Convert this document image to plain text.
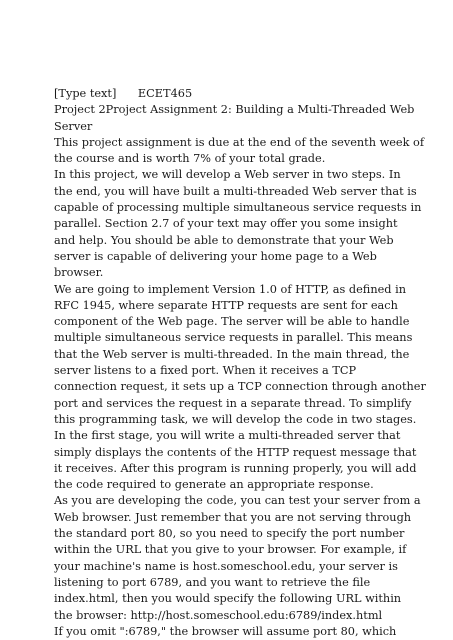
[Type text]      ECET465
Project 2Project Assignment 2: Building a Multi-Threaded Web
Server
This project assignment is due at the end of the seventh week of
the course and is worth 7% of your total grade.
In this project, we will develop a Web server in two steps. In
the end, you will have built a multi-threaded Web server that is
capable of processing multiple simultaneous service requests in
parallel. Section 2.7 of your text may offer you some insight
and help. You should be able to demonstrate that your Web
server is capable of delivering your home page to a Web
browser.
We are going to implement Version 1.0 of HTTP, as defined in
RFC 1945, where separate HTTP requests are sent for each
component of the Web page. The server will be able to handle
multiple simultaneous service requests in parallel. This means
that the Web server is multi-threaded. In the main thread, the
server listens to a fixed port. When it receives a TCP
connection request, it sets up a TCP connection through another
port and services the request in a separate thread. To simplify
this programming task, we will develop the code in two stages.
In the first stage, you will write a multi-threaded server that
simply displays the contents of the HTTP request message that
it receives. After this program is running properly, you will add
the code required to generate an appropriate response.
As you are developing the code, you can test your server from a
Web browser. Just remember that you are not serving through
the standard port 80, so you need to specify the port number
within the URL that you give to your browser. For example, if
your machine's name is host.someschool.edu, your server is
listening to port 6789, and you want to retrieve the file
index.html, then you would specify the following URL within
the browser: http://host.someschool.edu:6789/index.html
If you omit ":6789," the browser will assume port 80, which
